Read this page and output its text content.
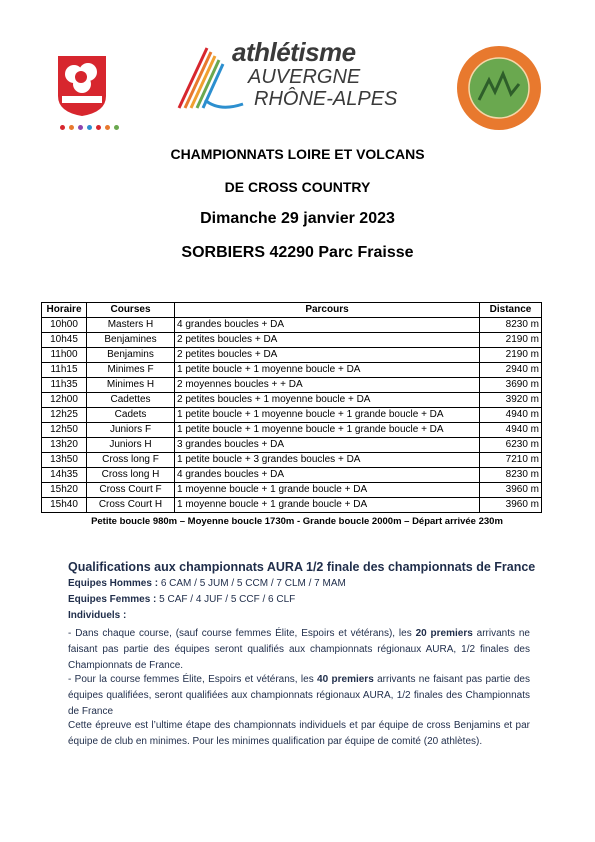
athlétisme
AUVERGNE
RHÔNE-ALPES
CHAMPIONNATS LOIRE ET VOLCANS
DE CROSS COUNTRY
Dimanche 29 janvier 2023
SORBIERS 42290 Parc Fraisse
Horaire	Courses	Parcours	Distance
10h00	Masters H	4 grandes boucles + DA	8230 m
10h45	Benjamines	2 petites boucles + DA	2190 m
11h00	Benjamins	2 petites boucles + DA	2190 m
11h15	Minimes F	1 petite boucle + 1 moyenne boucle + DA	2940 m
11h35	Minimes H	2 moyennes boucles + + DA	3690 m
12h00	Cadettes	2 petites boucles + 1 moyenne boucle + DA	3920 m
12h25	Cadets	1 petite boucle + 1 moyenne boucle + 1 grande boucle + DA	4940 m
12h50	Juniors F	1 petite boucle + 1 moyenne boucle + 1 grande boucle + DA	4940 m
13h20	Juniors H	3 grandes boucles + DA	6230 m
13h50	Cross long F	1 petite boucle + 3 grandes boucles + DA	7210 m
14h35	Cross long H	4 grandes boucles + DA	8230 m
15h20	Cross Court F	1 moyenne boucle + 1 grande boucle + DA	3960 m
15h40	Cross Court H	1 moyenne boucle + 1 grande boucle + DA	3960 m
Petite boucle 980m – Moyenne boucle 1730m - Grande boucle 2000m – Départ arrivée 230m
Qualifications aux championnats AURA 1/2 finale des championnats de France
Equipes Hommes : 6 CAM / 5 JUM / 5 CCM / 7 CLM / 7 MAM
Equipes Femmes : 5 CAF / 4 JUF / 5 CCF / 6 CLF
Individuels :
- Dans chaque course, (sauf course femmes Élite, Espoirs et vétérans), les 20 premiers arrivants ne faisant pas partie des équipes seront qualifiés aux championnats régionaux AURA, 1/2 finales des Championnats de France.
- Pour la course femmes Élite, Espoirs et vétérans, les 40 premiers arrivants ne faisant pas partie des équipes qualifiées, seront qualifiées aux championnats régionaux AURA, 1/2 finales des Championnats de France
Cette épreuve est l’ultime étape des championnats individuels et par équipe de cross Benjamins et par équipe de club en minimes. Pour les minimes qualification par équipe de comité (20 athlètes).
